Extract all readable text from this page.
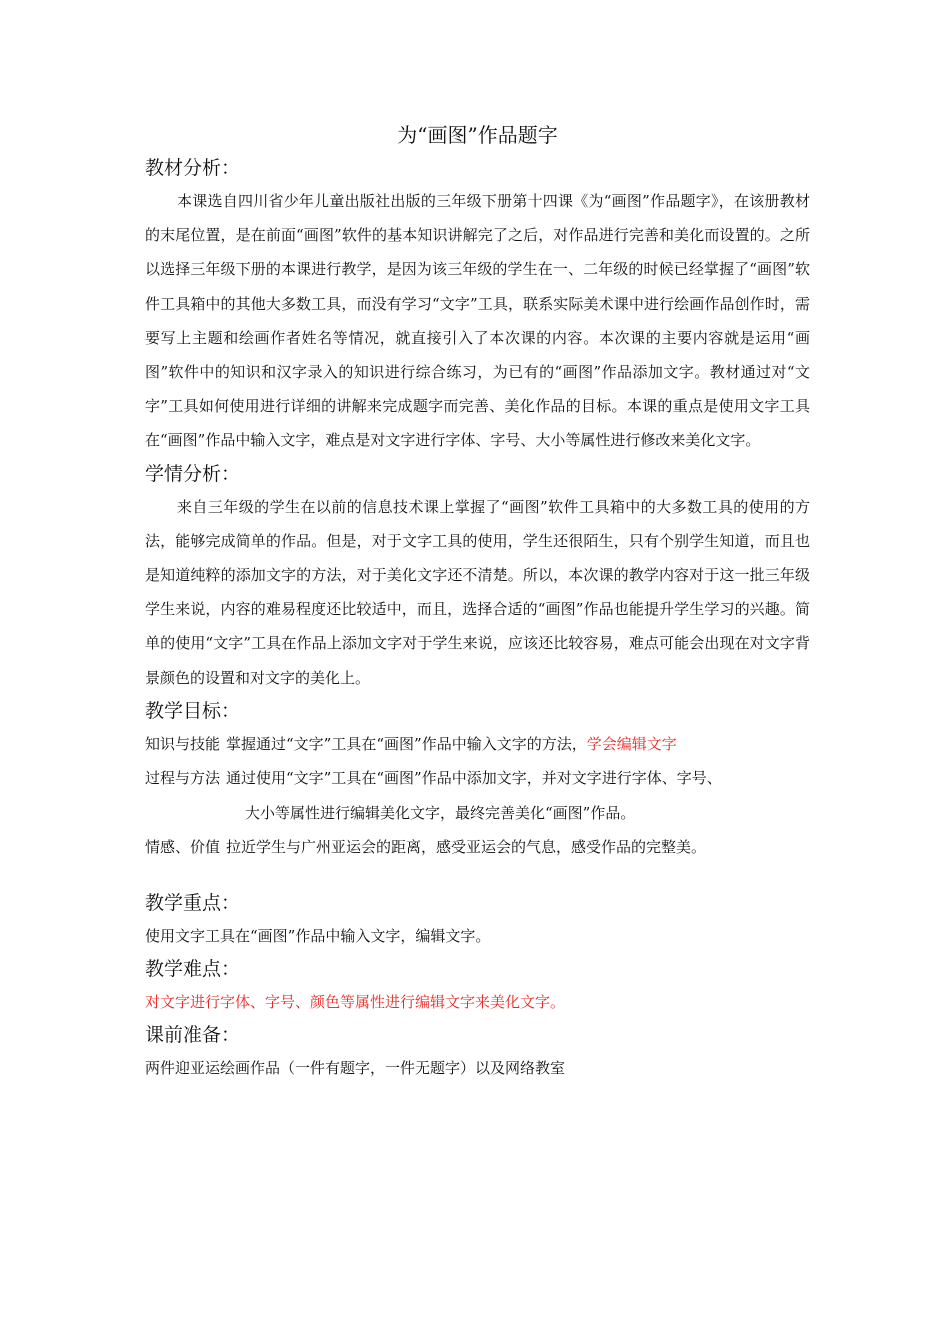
为“画图”作品题字
教材分析：

本课选自四川省少年儿童出版社出版的三年级下册第十四课《为“画图”作品题字》，在该册教材的末尾位置，是在前面“画图”软件的基本知识讲解完了之后，对作品进行完善和美化而设置的。之所以选择三年级下册的本课进行教学，是因为该三年级的学生在一、二年级的时候已经掌握了“画图”软件工具箱中的其他大多数工具，而没有学习“文字”工具，联系实际美术课中进行绘画作品创作时，需要写上主题和绘画作者姓名等情况，就直接引入了本次课的内容。本次课的主要内容就是运用“画图”软件中的知识和汉字录入的知识进行综合练习，为已有的“画图”作品添加文字。教材通过对“文字”工具如何使用进行详细的讲解来完成题字而完善、美化作品的目标。本课的重点是使用文字工具在“画图”作品中输入文字，难点是对文字进行字体、字号、大小等属性进行修改来美化文字。

学情分析：

来自三年级的学生在以前的信息技术课上掌握了“画图”软件工具箱中的大多数工具的使用的方法，能够完成简单的作品。但是，对于文字工具的使用，学生还很陌生，只有个别学生知道，而且也是知道纯粹的添加文字的方法，对于美化文字还不清楚。所以，本次课的教学内容对于这一批三年级学生来说，内容的难易程度还比较适中，而且，选择合适的“画图”作品也能提升学生学习的兴趣。简单的使用“文字”工具在作品上添加文字对于学生来说，应该还比较容易，难点可能会出现在对文字背景颜色的设置和对文字的美化上。

教学目标：

知识与技能 掌握通过“文字”工具在“画图”作品中输入文字的方法，学会编辑文字

过程与方法 通过使用“文字”工具在“画图”作品中添加文字，并对文字进行字体、字号、

大小等属性进行编辑美化文字，最终完善美化“画图”作品。

情感、价值 拉近学生与广州亚运会的距离，感受亚运会的气息，感受作品的完整美。

教学重点：

使用文字工具在“画图”作品中输入文字，编辑文字。

教学难点：

对文字进行字体、字号、颜色等属性进行编辑文字来美化文字。

课前准备：

两件迎亚运绘画作品（一件有题字，一件无题字）以及网络教室
